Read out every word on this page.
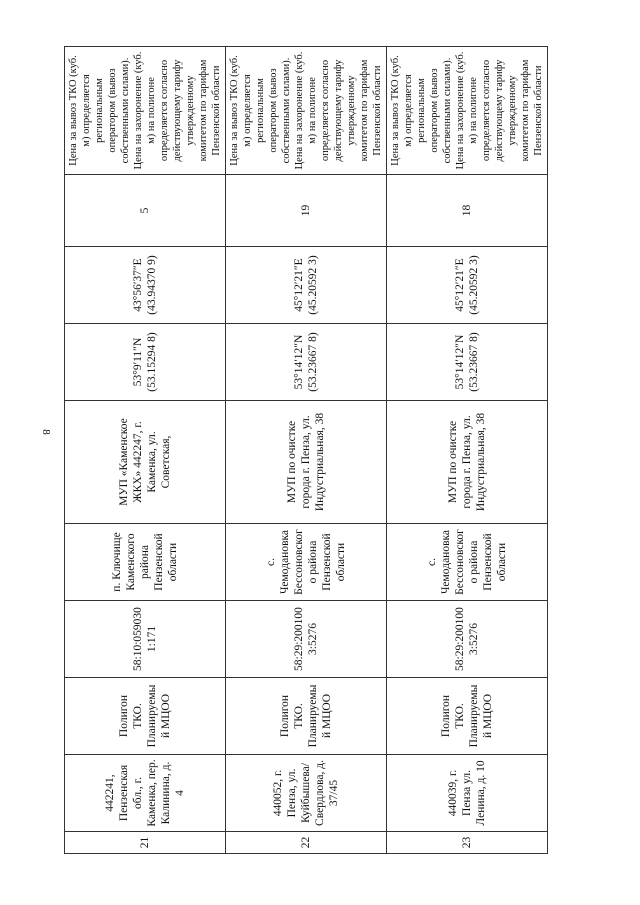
8
21	442241, Пензенская обл., г. Каменка, пер. Калинина, д. 4	Полигон ТКО. Планируемый МЦОО	58:10:0590301:171	п. Ключище Каменского района Пензенской области	МУП «Каменское ЖКХ» 442247, г. Каменка, ул. Советская,	53°9′11″N (53.15294 8)	43°56′37″E (43.94370 9)	5	Цена за вывоз ТКО (куб. м) определяется региональным оператором (вывоз собственными силами). Цена на захоронение (куб. м) на полигоне определяется согласно действующему тарифу утвержденному комитетом по тарифам Пензенской области
22	440052, г. Пенза, ул. Куйбышева/Свердлова, д. 37/45	Полигон ТКО. Планируемый МЦОО	58:29:2001003:5276	с. Чемодановка Бессоновского района Пензенской области	МУП по очистке города г. Пенза, ул. Индустриальная, 38	53°14′12″N (53.23667 8)	45°12′21″E (45.20592 3)	19	Цена за вывоз ТКО (куб. м) определяется региональным оператором (вывоз собственными силами). Цена на захоронение (куб. м) на полигоне определяется согласно действующему тарифу утвержденному комитетом по тарифам Пензенской области
23	440039, г. Пенза ул. Ленина, д. 10	Полигон ТКО. Планируемый МЦОО	58:29:2001003:5276	с. Чемодановка Бессоновского района Пензенской области	МУП по очистке города г. Пенза, ул. Индустриальная, 38	53°14′12″N (53.23667 8)	45°12′21″E (45.20592 3)	18	Цена за вывоз ТКО (куб. м) определяется региональным оператором (вывоз собственными силами). Цена на захоронение (куб. м) на полигоне определяется согласно действующему тарифу утвержденному комитетом по тарифам Пензенской области
